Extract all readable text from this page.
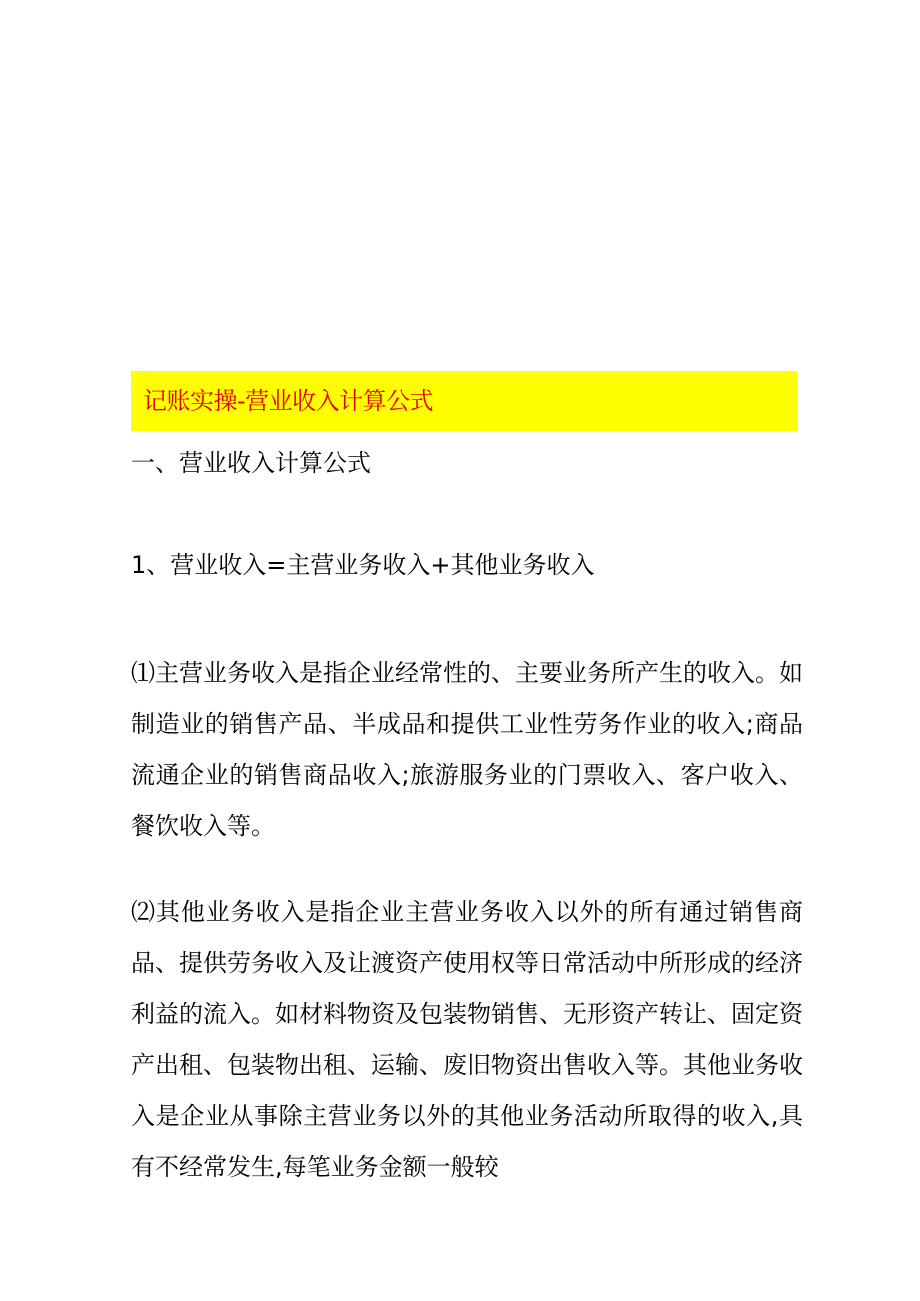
记账实操-营业收入计算公式
一、营业收入计算公式
1、营业收入=主营业务收入+其他业务收入

⑴主营业务收入是指企业经常性的、主要业务所产生的收入。如制造业的销售产品、半成品和提供工业性劳务作业的收入;商品流通企业的销售商品收入;旅游服务业的门票收入、客户收入、餐饮收入等。

⑵其他业务收入是指企业主营业务收入以外的所有通过销售商品、提供劳务收入及让渡资产使用权等日常活动中所形成的经济利益的流入。如材料物资及包装物销售、无形资产转让、固定资产出租、包装物出租、运输、废旧物资出售收入等。其他业务收入是企业从事除主营业务以外的其他业务活动所取得的收入,具有不经常发生,每笔业务金额一般较
